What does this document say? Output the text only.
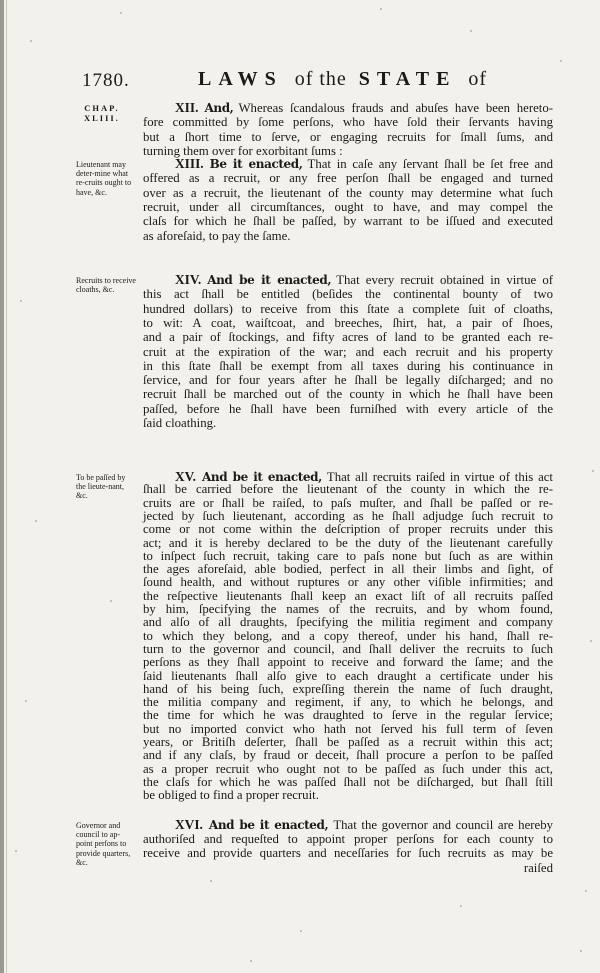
1780.	LAWS of the STATE of
CHAP.
XLIII.
XII. And, Whereas ſcandalous frauds and abuſes have been hereto-
fore committed by ſome perſons, who have ſold their ſervants having
but a ſhort time to ſerve, or engaging recruits for ſmall ſums, and
turning them over for exorbitant ſums :
Lieutenant may deter-mine what re-cruits ought to have, &c.
XIII. Be it enacted, That in caſe any ſervant ſhall be ſet free and
offered as a recruit, or any free perſon ſhall be engaged and turned
over as a recruit, the lieutenant of the county may determine what ſuch
recruit, under all circumſtances, ought to have, and may compel the
claſs for which he ſhall be paſſed, by warrant to be iſſued and executed
as aforeſaid, to pay the ſame.
Recruits to receive cloaths, &c.
XIV. And be it enacted, That every recruit obtained in virtue of
this act ſhall be entitled (beſides the continental bounty of two
hundred dollars) to receive from this ſtate a complete ſuit of cloaths,
to wit: A coat, waiſtcoat, and breeches, ſhirt, hat, a pair of ſhoes,
and a pair of ſtockings, and fifty acres of land to be granted each re-
cruit at the expiration of the war; and each recruit and his property
in this ſtate ſhall be exempt from all taxes during his continuance in
ſervice, and for four years after he ſhall be legally diſcharged; and no
recruit ſhall be marched out of the county in which he ſhall have been
paſſed, before he ſhall have been furniſhed with every article of the
ſaid cloathing.
To be paſſed by the lieute-nant, &c.
XV. And be it enacted, That all recruits raiſed in virtue of this act
ſhall be carried before the lieutenant of the county in which the re-
cruits are or ſhall be raiſed, to paſs muſter, and ſhall be paſſed or re-
jected by ſuch lieutenant, according as he ſhall adjudge ſuch recruit to
come or not come within the deſcription of proper recruits under this
act; and it is hereby declared to be the duty of the lieutenant carefully
to inſpect ſuch recruit, taking care to paſs none but ſuch as are within
the ages aforeſaid, able bodied, perfect in all their limbs and ſight, of
ſound health, and without ruptures or any other viſible infirmities; and
the reſpective lieutenants ſhall keep an exact liſt of all recruits paſſed
by him, ſpecifying the names of the recruits, and by whom found,
and alſo of all draughts, ſpecifying the militia regiment and company
to which they belong, and a copy thereof, under his hand, ſhall re-
turn to the governor and council, and ſhall deliver the recruits to ſuch
perſons as they ſhall appoint to receive and forward the ſame; and the
ſaid lieutenants ſhall alſo give to each draught a certificate under his
hand of his being ſuch, expreſſing therein the name of ſuch draught,
the militia company and regiment, if any, to which he belongs, and
the time for which he was draughted to ſerve in the regular ſervice;
but no imported convict who hath not ſerved his full term of ſeven
years, or Britiſh deſerter, ſhall be paſſed as a recruit within this act;
and if any claſs, by fraud or deceit, ſhall procure a perſon to be paſſed
as a proper recruit who ought not to be paſſed as ſuch under this act,
the claſs for which he was paſſed ſhall not be diſcharged, but ſhall ſtill
be obliged to find a proper recruit.
Governor and council to ap-point perſons to provide quarters, &c.
XVI. And be it enacted, That the governor and council are hereby
authoriſed and requeſted to appoint proper perſons for each county to
receive and provide quarters and neceſſaries for ſuch recruits as may be
raiſed
